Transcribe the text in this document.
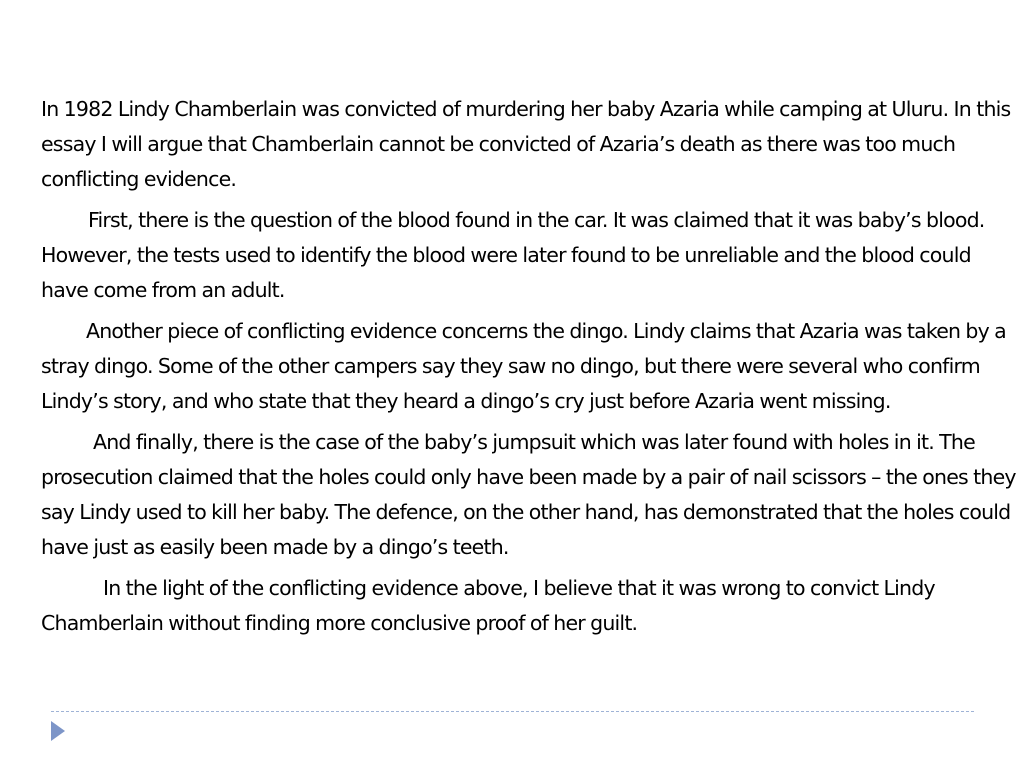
In 1982 Lindy Chamberlain was convicted of murdering her baby Azaria while camping at Uluru. In this essay I will argue that Chamberlain cannot be convicted of Azaria’s death as there was too much conflicting evidence.

First, there is the question of the blood found in the car. It was claimed that it was baby’s blood. However, the tests used to identify the blood were later found to be unreliable and the blood could have come from an adult.

Another piece of conflicting evidence concerns the dingo. Lindy claims that Azaria was taken by a stray dingo. Some of the other campers say they saw no dingo, but there were several who confirm Lindy’s story, and who state that they heard a dingo’s cry just before Azaria went missing.

And finally, there is the case of the baby’s jumpsuit which was later found with holes in it. The prosecution claimed that the holes could only have been made by a pair of nail scissors – the ones they say Lindy used to kill her baby. The defence, on the other hand, has demonstrated that the holes could have just as easily been made by a dingo’s teeth.

In the light of the conflicting evidence above, I believe that it was wrong to convict Lindy Chamberlain without finding more conclusive proof of her guilt.
